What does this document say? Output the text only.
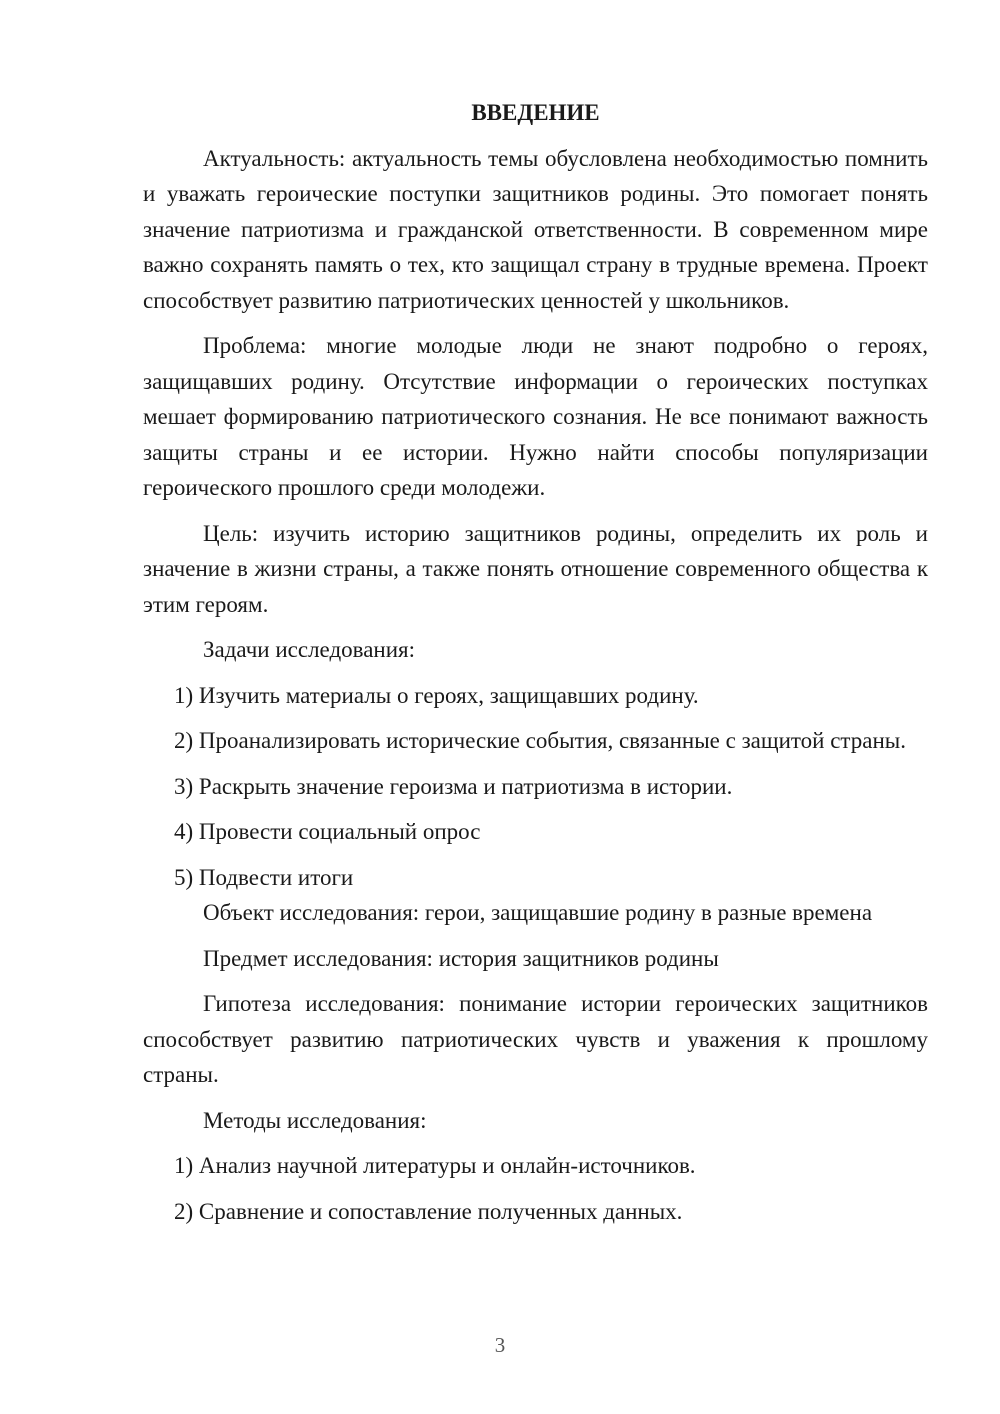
ВВЕДЕНИЕ

Актуальность: актуальность темы обусловлена необходимостью помнить и уважать героические поступки защитников родины. Это помогает понять значение патриотизма и гражданской ответственности. В современном мире важно сохранять память о тех, кто защищал страну в трудные времена. Проект способствует развитию патриотических ценностей у школьников.

Проблема: многие молодые люди не знают подробно о героях, защищавших родину. Отсутствие информации о героических поступках мешает формированию патриотического сознания. Не все понимают важность защиты страны и ее истории. Нужно найти способы популяризации героического прошлого среди молодежи.

Цель: изучить историю защитников родины, определить их роль и значение в жизни страны, а также понять отношение современного общества к этим героям.

Задачи исследования:

1) Изучить материалы о героях, защищавших родину.

2) Проанализировать исторические события, связанные с защитой страны.

3) Раскрыть значение героизма и патриотизма в истории.

4) Провести социальный опрос

5) Подвести итоги

Объект исследования: герои, защищавшие родину в разные времена

Предмет исследования: история защитников родины

Гипотеза исследования: понимание истории героических защитников способствует развитию патриотических чувств и уважения к прошлому страны.

Методы исследования:

1) Анализ научной литературы и онлайн-источников.

2) Сравнение и сопоставление полученных данных.

3
